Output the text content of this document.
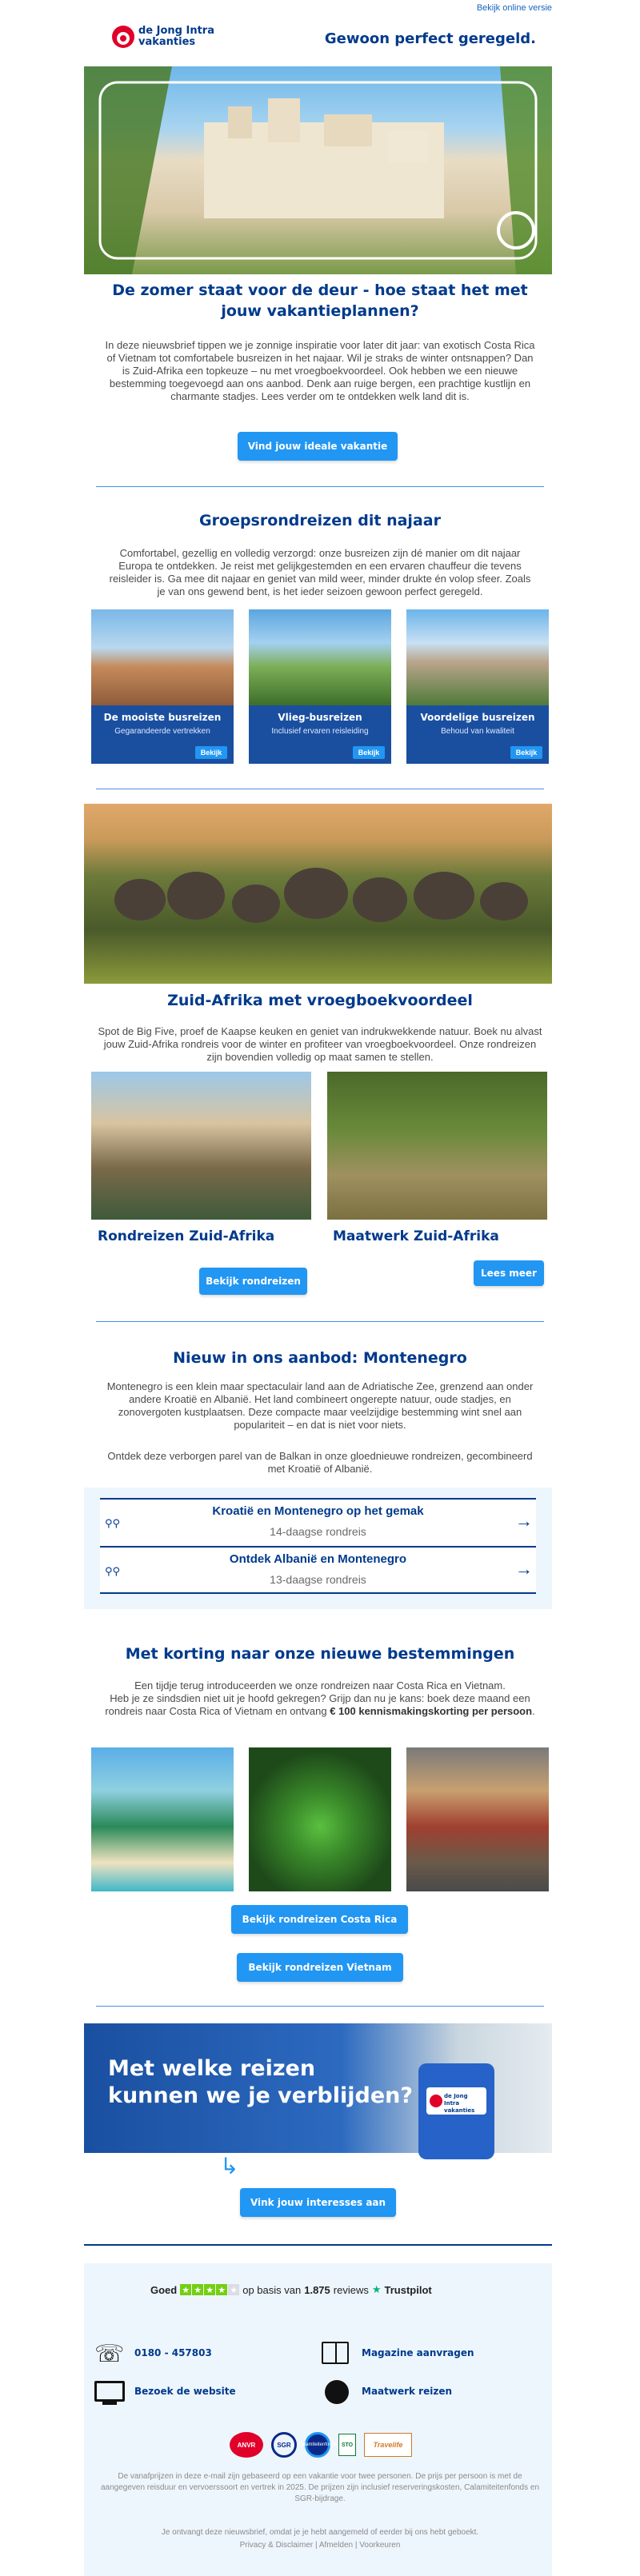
Bekijk online versie
de Jong Intra
vakanties	Gewoon perfect geregeld.
De zomer staat voor de deur - hoe staat het met jouw vakantieplannen?
In deze nieuwsbrief tippen we je zonnige inspiratie voor later dit jaar: van exotisch Costa Rica of Vietnam tot comfortabele busreizen in het najaar. Wil je straks de winter ontsnappen? Dan is Zuid-Afrika een topkeuze – nu met vroegboekvoordeel. Ook hebben we een nieuwe bestemming toegevoegd aan ons aanbod. Denk aan ruige bergen, een prachtige kustlijn en charmante stadjes. Lees verder om te ontdekken welk land dit is.
Vind jouw ideale vakantie
Groepsrondreizen dit najaar
Comfortabel, gezellig en volledig verzorgd: onze busreizen zijn dé manier om dit najaar Europa te ontdekken. Je reist met gelijkgestemden en een ervaren chauffeur die tevens reisleider is. Ga mee dit najaar en geniet van mild weer, minder drukte én volop sfeer. Zoals je van ons gewend bent, is het ieder seizoen gewoon perfect geregeld.
De mooiste busreizen
Gegarandeerde vertrekken
Bekijk
Vlieg-busreizen
Inclusief ervaren reisleiding
Bekijk
Voordelige busreizen
Behoud van kwaliteit
Bekijk
Zuid-Afrika met vroegboekvoordeel
Spot de Big Five, proef de Kaapse keuken en geniet van indrukwekkende natuur. Boek nu alvast jouw Zuid-Afrika rondreis voor de winter en profiteer van vroegboekvoordeel. Onze rondreizen zijn bovendien volledig op maat samen te stellen.
Rondreizen Zuid-Afrika	Maatwerk Zuid-Afrika
Lees meer
Bekijk rondreizen
Nieuw in ons aanbod: Montenegro
Montenegro is een klein maar spectaculair land aan de Adriatische Zee, grenzend aan onder andere Kroatië en Albanië. Het land combineert ongerepte natuur, oude stadjes, en zonovergoten kustplaatsen. Deze compacte maar veelzijdige bestemming wint snel aan populariteit – en dat is niet voor niets.
Ontdek deze verborgen parel van de Balkan in onze gloednieuwe rondreizen, gecombineerd met Kroatië of Albanië.
⚲⚲
Kroatië en Montenegro op het gemak
14-daagse rondreis
→
⚲⚲
Ontdek Albanië en Montenegro
13-daagse rondreis
→
Met korting naar onze nieuwe bestemmingen
Een tijdje terug introduceerden we onze rondreizen naar Costa Rica en Vietnam.
Heb je ze sindsdien niet uit je hoofd gekregen? Grijp dan nu je kans: boek deze maand een rondreis naar Costa Rica of Vietnam en ontvang € 100 kennismakingskorting per persoon.
Bekijk rondreizen Costa Rica
Bekijk rondreizen Vietnam
Met welke reizen
kunnen we je verblijden?	de Jong Intra vakanties
↳
Vink jouw interesses aan
Goed ★ ★ ★ ★ ★ op basis van 1.875 reviews ★ Trustpilot
☏ 0180 - 457803	Magazine aanvragen
Bezoek de website	Maatwerk reizen
ANVR	SGR	Calamiteitenfonds STO	Travelife
De vanafprijzen in deze e-mail zijn gebaseerd op een vakantie voor twee personen. De prijs per persoon is met de aangegeven reisduur en vervoerssoort en vertrek in 2025. De prijzen zijn inclusief reserveringskosten, Calamiteitenfonds en SGR-bijdrage.
Je ontvangt deze nieuwsbrief, omdat je je hebt aangemeld of eerder bij ons hebt geboekt.
Privacy & Disclaimer | Afmelden | Voorkeuren
